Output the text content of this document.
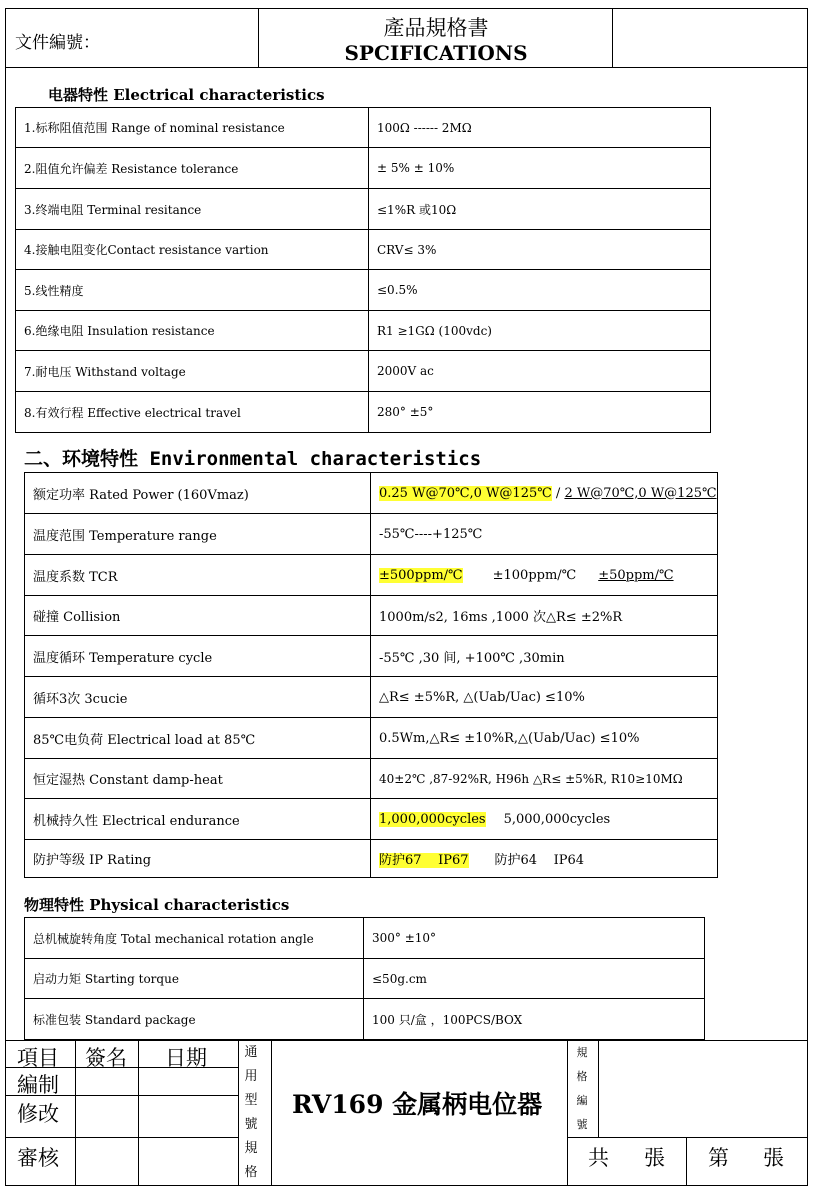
文件編號：
產品規格書
SPCIFICATIONS
电器特性 Electrical characteristics
1.标称阻值范围 Range of nominal resistance	100Ω ------ 2MΩ
2.阻值允许偏差 Resistance tolerance	± 5% ± 10%
3.终端电阻 Terminal resitance	≤1%R 或10Ω
4.接触电阻变化Contact resistance vartion	CRV≤ 3%
5.线性精度	≤0.5%
6.绝缘电阻 Insulation resistance	R1 ≥1GΩ (100vdc)
7.耐电压 Withstand voltage	2000V ac
8.有效行程 Effective electrical travel	280° ±5°
二、环境特性 Environmental characteristics
额定功率 Rated Power (160Vmaz)	0.25 W@70℃,0 W@125℃ / 2 W@70℃,0 W@125℃
温度范围 Temperature range	-55℃----+125℃
温度系数 TCR	±500ppm/℃ ±100ppm/℃ ±50ppm/℃
碰撞 Collision	1000m/s2, 16ms ,1000 次△R≤ ±2%R
温度循环 Temperature cycle	-55℃ ,30 间, +100℃ ,30min
循环3次 3cucie	△R≤ ±5%R, △(Uab/Uac) ≤10%
85℃电负荷 Electrical load at 85℃	0.5Wm,△R≤ ±10%R,△(Uab/Uac) ≤10%
恒定湿热 Constant damp-heat	40±2℃ ,87-92%R, H96h △R≤ ±5%R, R10≥10MΩ
机械持久性 Electrical endurance	1,000,000cycles 5,000,000cycles
防护等级 IP Rating	防护67    IP67 防护64    IP64
物理特性 Physical characteristics
总机械旋转角度 Total mechanical rotation angle	300° ±10°
启动力矩 Starting torque	≤50g.cm
标准包装 Standard package	100 只/盒 ，100PCS/BOX
項目 簽名 日期
編制
修改
審核
通
用
型
號
規
格
RV169 金属柄电位器
規
格
編
號
共 張 第 張
